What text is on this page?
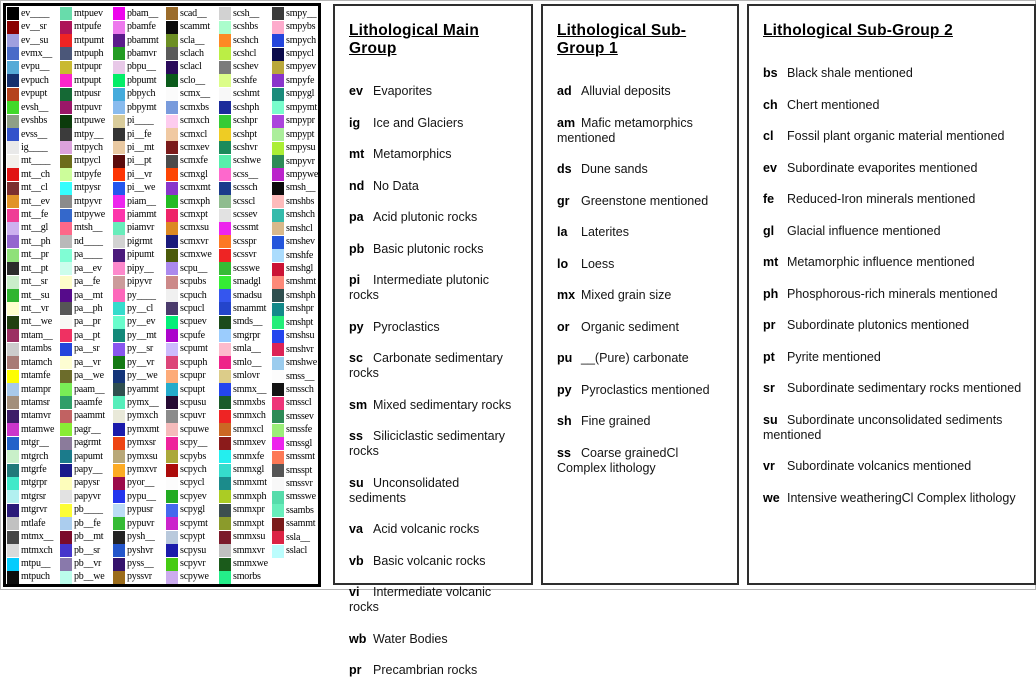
ev____
ev__sr
ev__su
evmx__
evpu__
evpuch
evpupt
evsh__
evshbs
evss__
ig____
mt____
mt__ch
mt__cl
mt__ev
mt__fe
mt__gl
mt__ph
mt__pr
mt__pt
mt__sr
mt__su
mt__vr
mt__we
mtam__
mtambs
mtamch
mtamfe
mtampr
mtamsr
mtamvr
mtamwe
mtgr__
mtgrch
mtgrfe
mtgrpr
mtgrsr
mtgrvr
mtlafe
mtmx__
mtmxch
mtpu__
mtpuch
mtpuev
mtpufe
mtpumt
mtpuph
mtpupr
mtpupt
mtpusr
mtpuvr
mtpuwe
mtpy__
mtpych
mtpycl
mtpyfe
mtpysr
mtpyvr
mtpywe
mtsh__
nd____
pa____
pa__ev
pa__fe
pa__mt
pa__ph
pa__pr
pa__pt
pa__sr
pa__vr
pa__we
paam__
paamfe
paammt
pagr__
pagrmt
papumt
papy__
papysr
papyvr
pb____
pb__fe
pb__mt
pb__sr
pb__vr
pb__we
pbam__
pbamfe
pbammt
pbamvr
pbpu__
pbpumt
pbpych
pbpymt
pi____
pi__fe
pi__mt
pi__pt
pi__vr
pi__we
piam__
piammt
piamvr
pigrmt
pipumt
pipy__
pipyvr
py____
py__cl
py__ev
py__mt
py__sr
py__vr
py__we
pyammt
pymx__
pymxch
pymxmt
pymxsr
pymxsu
pymxvr
pyor__
pypu__
pypusr
pypuvr
pysh__
pyshvr
pyss__
pyssvr
scad__
scammt
scla__
sclach
sclacl
sclo__
scmx__
scmxbs
scmxch
scmxcl
scmxev
scmxfe
scmxgl
scmxmt
scmxph
scmxpt
scmxsu
scmxvr
scmxwe
scpu__
scpubs
scpuch
scpucl
scpuev
scpufe
scpumt
scpuph
scpupr
scpupt
scpusu
scpuvr
scpuwe
scpy__
scpybs
scpych
scpycl
scpyev
scpygl
scpymt
scpypt
scpysu
scpyvr
scpywe
scsh__
scshbs
scshch
scshcl
scshev
scshfe
scshmt
scshph
scshpr
scshpt
scshvr
scshwe
scss__
scssch
scsscl
scssev
scssmt
scsspr
scssvr
scsswe
smadgl
smadsu
smammt
smds__
smgrpr
smla__
smlo__
smlovr
smmx__
smmxbs
smmxch
smmxcl
smmxev
smmxfe
smmxgl
smmxmt
smmxph
smmxpr
smmxpt
smmxsu
smmxvr
smmxwe
smorbs
smpy__
smpybs
smpych
smpycl
smpyev
smpyfe
smpygl
smpymt
smpypr
smpypt
smpysu
smpyvr
smpywe
smsh__
smshbs
smshch
smshcl
smshev
smshfe
smshgl
smshmt
smshph
smshpr
smshpt
smshsu
smshvr
smshwe
smss__
smssch
smsscl
smssev
smssfe
smssgl
smssmt
smsspt
smssvr
smsswe
ssambs
ssammt
ssla__
sslacl
Lithological Main Group
ev Evaporites
ig Ice and Glaciers
mt Metamorphics
nd No Data
pa Acid plutonic rocks
pb Basic plutonic rocks
pi Intermediate plutonic rocks
py Pyroclastics
sc Carbonate sedimentary rocks
sm Mixed sedimentary rocks
ss Siliciclastic sedimentary rocks
su Unconsolidated sediments
va Acid volcanic rocks
vb Basic volcanic rocks
vi Intermediate volcanic rocks
wb Water Bodies
pr Precambrian rocks
Lithological Sub-Group 1
ad Alluvial deposits
am Mafic metamorphics mentioned
ds Dune sands
gr Greenstone mentioned
la Laterites
lo Loess
mx Mixed grain size
or Organic sediment
pu __(Pure) carbonate
py Pyroclastics mentioned
sh Fine grained
ss Coarse grainedCl Complex lithology
Lithological Sub-Group 2
bs Black shale mentioned
ch Chert mentioned
cl Fossil plant organic material mentioned
ev Subordinate evaporites mentioned
fe Reduced-Iron minerals mentioned
gl Glacial influence mentioned
mt Metamorphic influence mentioned
ph Phosphorous-rich minerals mentioned
pr Subordinate plutonics mentioned
pt Pyrite mentioned
sr Subordinate sedimentary rocks mentioned
su Subordinate unconsolidated sediments mentioned
vr Subordinate volcanics mentioned
we Intensive weatheringCl Complex lithology
